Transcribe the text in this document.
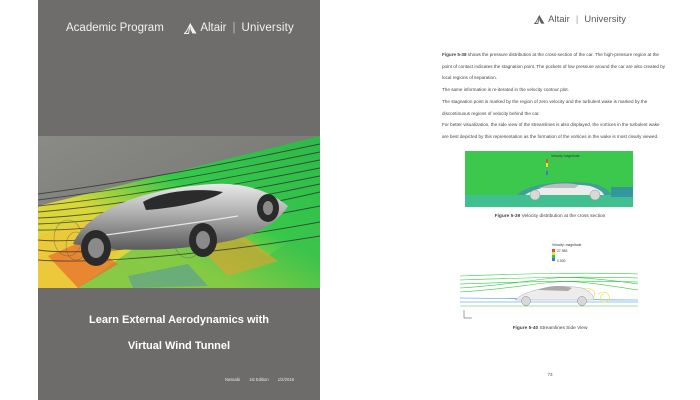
Academic Program	Altair | University
Learn External Aerodynamics with
Virtual Wind Tunnel
Nassabi 1st Edition 1/2/2018
Altair | University

Figure 5-38 shows the pressure distribution at the cross-section of the car. The high-pressure region at the point of contact indicates the stagnation point. The pockets of low pressure around the car are also created by local regions of separation.

The same information is re-iterated in the velocity contour plot.

The stagnation point is marked by the region of zero velocity and the turbulent wake is marked by the discontinuous regions of velocity behind the car.

For better visualization, the side view of the streamlines is also displayed, the vortices in the turbulent wake are best depicted by this representation as the formation of the vortices in the wake is most clearly viewed.

Velocity magnitude
Figure 5-39 Velocity distribution at the cross section
Velocity: magnitude
27.983
0.000
Figure 5-40 Streamlines Side View
73
